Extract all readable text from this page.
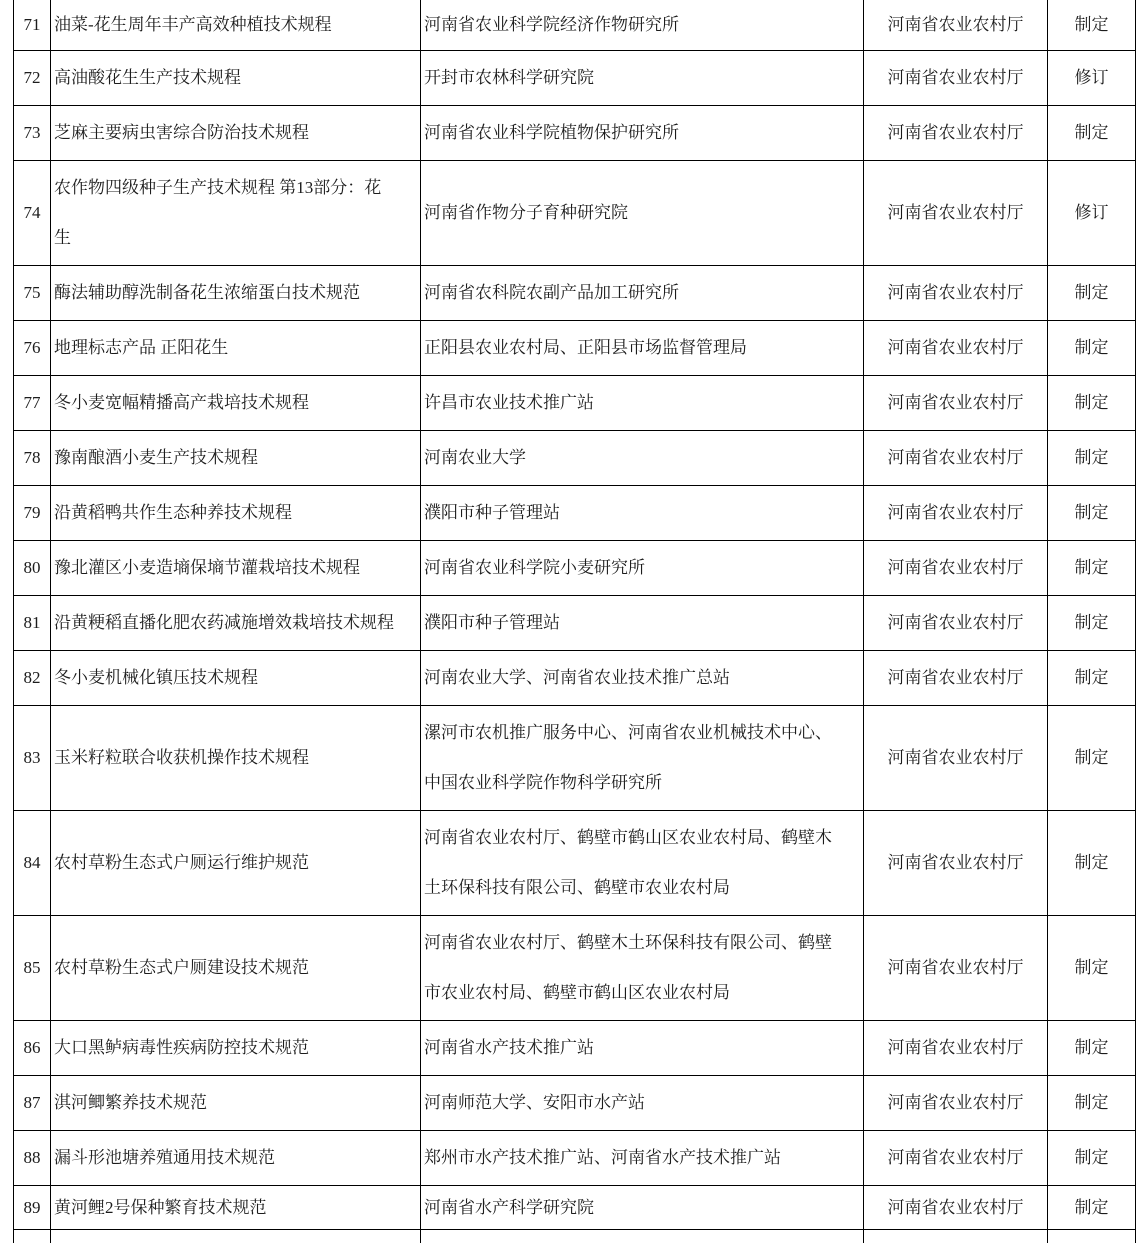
71	油菜-花生周年丰产高效种植技术规程	河南省农业科学院经济作物研究所	河南省农业农村厅	制定
72	高油酸花生生产技术规程	开封市农林科学研究院	河南省农业农村厅	修订
73	芝麻主要病虫害综合防治技术规程	河南省农业科学院植物保护研究所	河南省农业农村厅	制定
74	农作物四级种子生产技术规程 第13部分：花生	河南省作物分子育种研究院	河南省农业农村厅	修订
75	酶法辅助醇洗制备花生浓缩蛋白技术规范	河南省农科院农副产品加工研究所	河南省农业农村厅	制定
76	地理标志产品 正阳花生	正阳县农业农村局、正阳县市场监督管理局	河南省农业农村厅	制定
77	冬小麦宽幅精播高产栽培技术规程	许昌市农业技术推广站	河南省农业农村厅	制定
78	豫南酿酒小麦生产技术规程	河南农业大学	河南省农业农村厅	制定
79	沿黄稻鸭共作生态种养技术规程	濮阳市种子管理站	河南省农业农村厅	制定
80	豫北灌区小麦造墒保墒节灌栽培技术规程	河南省农业科学院小麦研究所	河南省农业农村厅	制定
81	沿黄粳稻直播化肥农药减施增效栽培技术规程	濮阳市种子管理站	河南省农业农村厅	制定
82	冬小麦机械化镇压技术规程	河南农业大学、河南省农业技术推广总站	河南省农业农村厅	制定
83	玉米籽粒联合收获机操作技术规程	漯河市农机推广服务中心、河南省农业机械技术中心、中国农业科学院作物科学研究所	河南省农业农村厅	制定
84	农村草粉生态式户厕运行维护规范	河南省农业农村厅、鹤壁市鹤山区农业农村局、鹤壁木土环保科技有限公司、鹤壁市农业农村局	河南省农业农村厅	制定
85	农村草粉生态式户厕建设技术规范	河南省农业农村厅、鹤壁木土环保科技有限公司、鹤壁市农业农村局、鹤壁市鹤山区农业农村局	河南省农业农村厅	制定
86	大口黑鲈病毒性疾病防控技术规范	河南省水产技术推广站	河南省农业农村厅	制定
87	淇河鲫繁养技术规范	河南师范大学、安阳市水产站	河南省农业农村厅	制定
88	漏斗形池塘养殖通用技术规范	郑州市水产技术推广站、河南省水产技术推广站	河南省农业农村厅	制定
89	黄河鲤2号保种繁育技术规范	河南省水产科学研究院	河南省农业农村厅	制定
